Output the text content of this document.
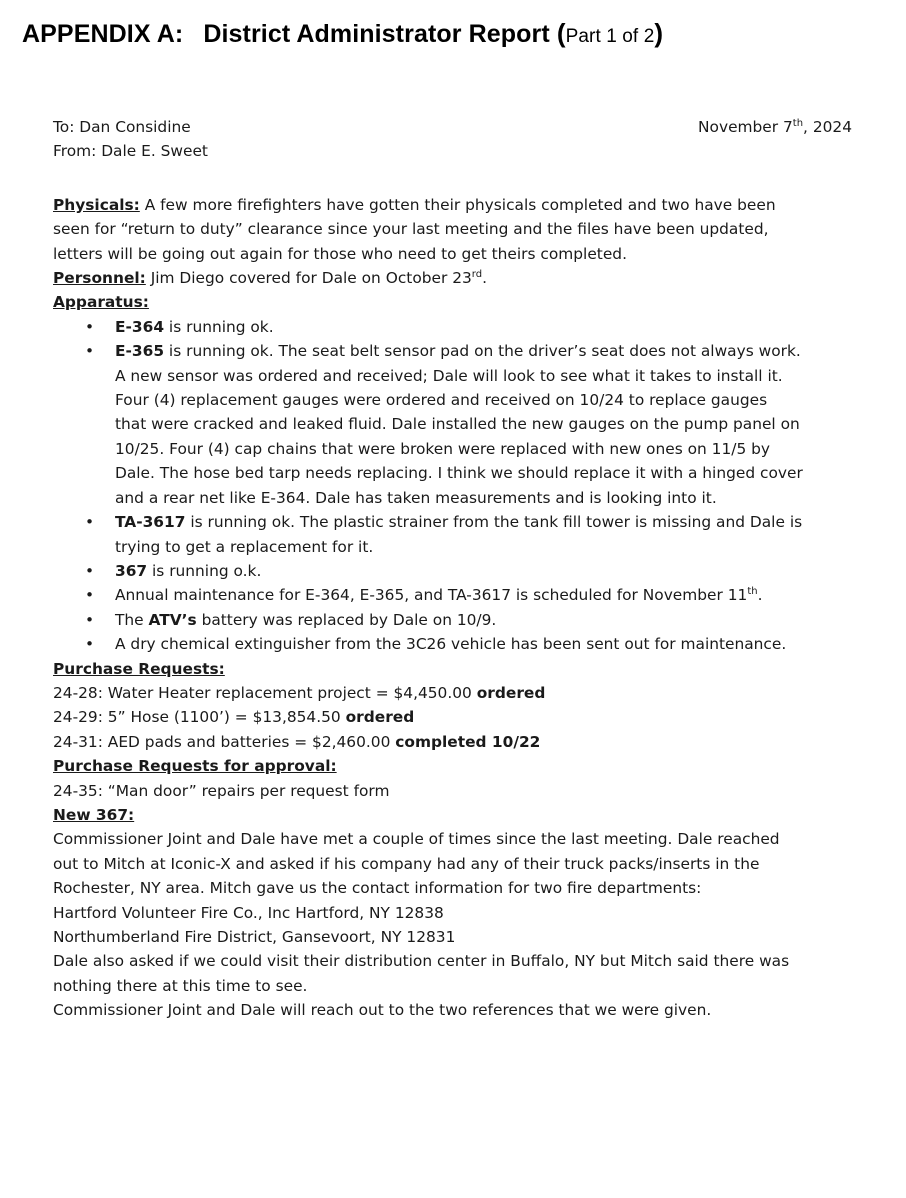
APPENDIX A: District Administrator Report (Part 1 of 2)
To: Dan Considine	November 7th, 2024
From: Dale E. Sweet
Physicals: A few more firefighters have gotten their physicals completed and two have been
seen for “return to duty” clearance since your last meeting and the files have been updated,
letters will be going out again for those who need to get theirs completed.
Personnel: Jim Diego covered for Dale on October 23rd.
Apparatus:
• E-364 is running ok.
• E-365 is running ok. The seat belt sensor pad on the driver’s seat does not always work.
A new sensor was ordered and received; Dale will look to see what it takes to install it.
Four (4) replacement gauges were ordered and received on 10/24 to replace gauges
that were cracked and leaked fluid. Dale installed the new gauges on the pump panel on
10/25. Four (4) cap chains that were broken were replaced with new ones on 11/5 by
Dale. The hose bed tarp needs replacing. I think we should replace it with a hinged cover
and a rear net like E-364. Dale has taken measurements and is looking into it.
• TA-3617 is running ok. The plastic strainer from the tank fill tower is missing and Dale is
trying to get a replacement for it.
• 367 is running o.k.
• Annual maintenance for E-364, E-365, and TA-3617 is scheduled for November 11th.
• The ATV’s battery was replaced by Dale on 10/9.
• A dry chemical extinguisher from the 3C26 vehicle has been sent out for maintenance.
Purchase Requests:
24-28: Water Heater replacement project = $4,450.00 ordered
24-29: 5” Hose (1100’) = $13,854.50 ordered
24-31: AED pads and batteries = $2,460.00 completed 10/22
Purchase Requests for approval:
24-35: “Man door” repairs per request form
New 367:
Commissioner Joint and Dale have met a couple of times since the last meeting. Dale reached
out to Mitch at Iconic-X and asked if his company had any of their truck packs/inserts in the
Rochester, NY area. Mitch gave us the contact information for two fire departments:
Hartford Volunteer Fire Co., Inc Hartford, NY 12838
Northumberland Fire District, Gansevoort, NY 12831
Dale also asked if we could visit their distribution center in Buffalo, NY but Mitch said there was
nothing there at this time to see.
Commissioner Joint and Dale will reach out to the two references that we were given.
